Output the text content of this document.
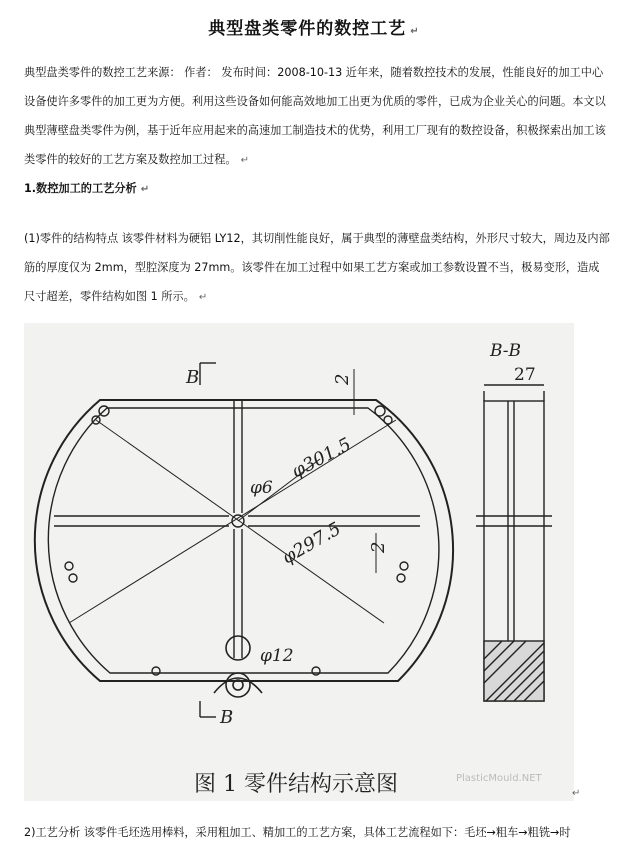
典型盘类零件的数控工艺 ↵

典型盘类零件的数控工艺来源： 作者： 发布时间：2008-10-13 近年来，随着数控技术的发展，性能良好的加工中心设备使许多零件的加工更为方便。利用这些设备如何能高效地加工出更为优质的零件，已成为企业关心的问题。本文以典型薄壁盘类零件为例，基于近年应用起来的高速加工制造技术的优势，利用工厂现有的数控设备，积极探索出加工该类零件的较好的工艺方案及数控加工过程。 ↵

1.数控加工的工艺分析 ↵

(1)零件的结构特点 该零件材料为硬铝 LY12，其切削性能良好，属于典型的薄壁盘类结构，外形尺寸较大，周边及内部筋的厚度仅为 2mm，型腔深度为 27mm。该零件在加工过程中如果工艺方案或加工参数设置不当，极易变形，造成尺寸超差，零件结构如图 1 所示。 ↵

B
B
2
2
φ301.5
φ297.5
φ6
φ12
B-B
27
图 1 零件结构示意图	PlasticMould.NET
↵

2)工艺分析 该零件毛坯选用棒料，采用粗加工、精加工的工艺方案，具体工艺流程如下：毛坯→粗车→粗铣→时
